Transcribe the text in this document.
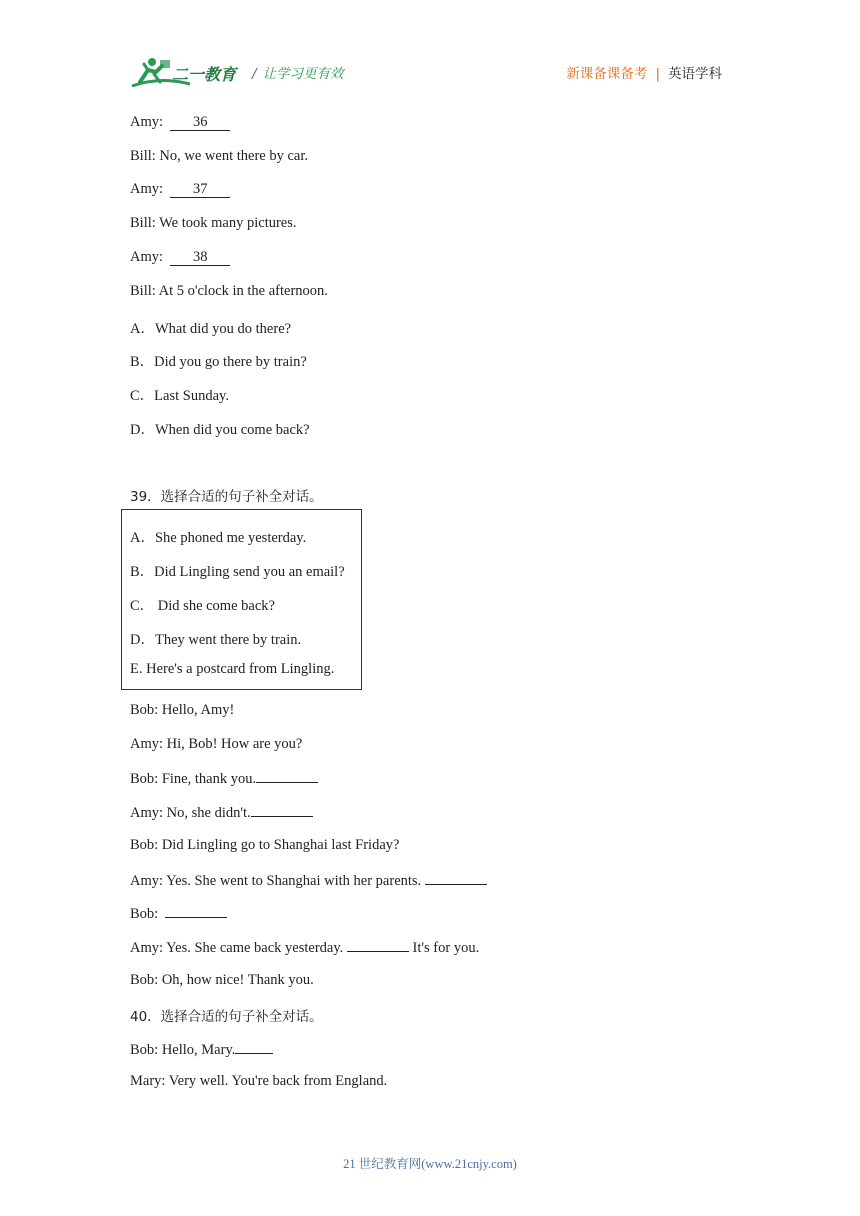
二一教育 / 让学习更有效	新课备课备考 | 英语学科
Amy: 36
Bill: No, we went there by car.
Amy: 37
Bill: We took many pictures.
Amy: 38
Bill: At 5 o'clock in the afternoon.
A．What did you do there?
B．Did you go there by train?
C．Last Sunday.
D．When did you come back?
39．选择合适的句子补全对话。
A．She phoned me yesterday.
B．Did Lingling send you an email?
C． Did she come back?
D．They went there by train.
E. Here's a postcard from Lingling.
Bob: Hello, Amy!
Amy: Hi, Bob! How are you?
Bob: Fine, thank you.
Amy: No, she didn't.
Bob: Did Lingling go to Shanghai last Friday?
Amy: Yes. She went to Shanghai with her parents.
Bob:
Amy: Yes. She came back yesterday.	It's for you.
Bob: Oh, how nice! Thank you.
40．选择合适的句子补全对话。
Bob: Hello, Mary.
Mary: Very well. You're back from England.
21 世纪教育网(www.21cnjy.com)
